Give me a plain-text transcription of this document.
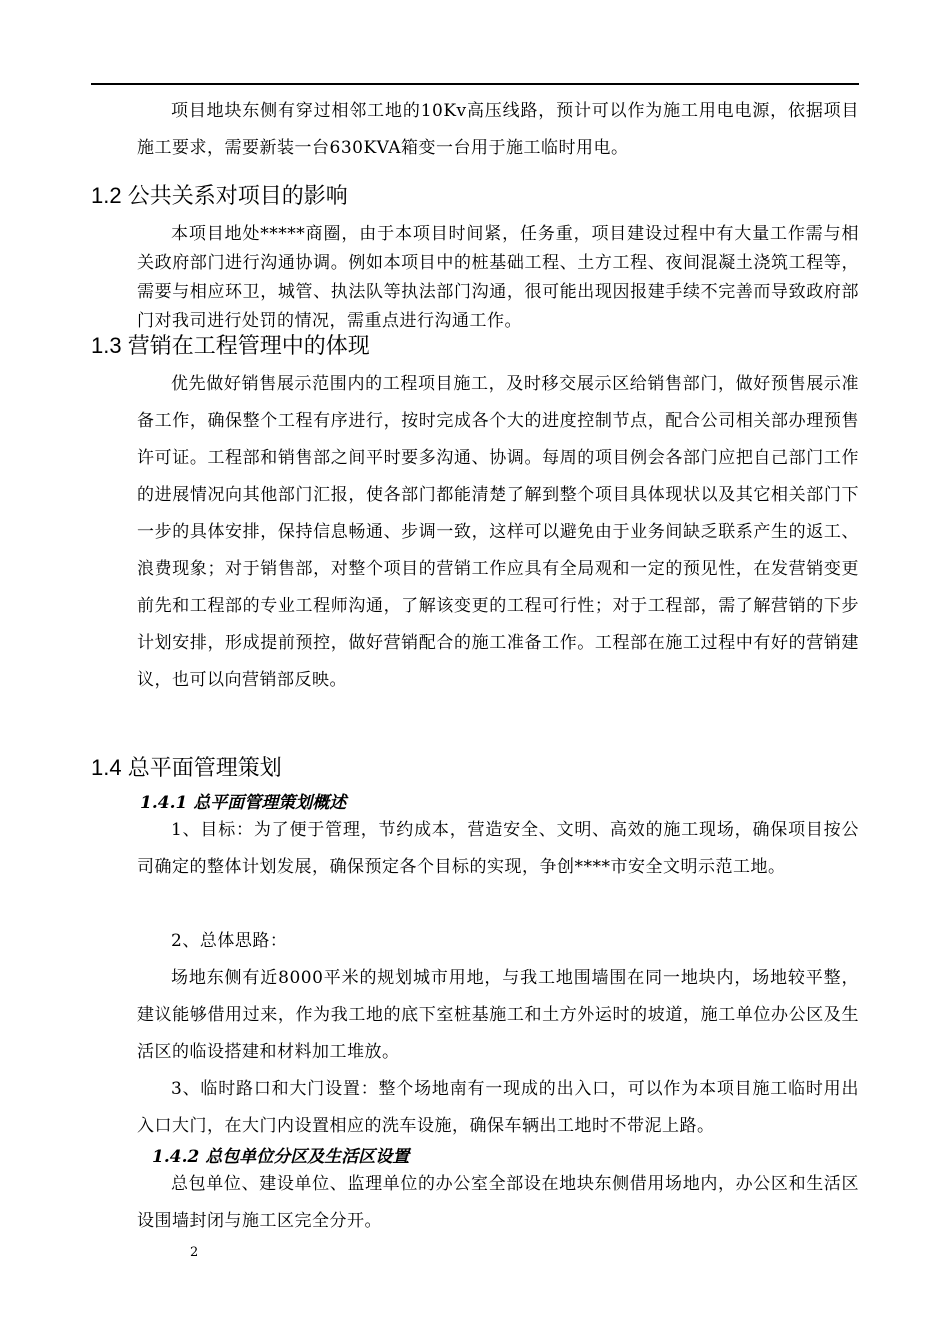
项目地块东侧有穿过相邻工地的10Kv高压线路，预计可以作为施工用电电源，依据项目施工要求，需要新装一台630KVA箱变一台用于施工临时用电。

1.2 公共关系对项目的影响

本项目地处*****商圈，由于本项目时间紧，任务重，项目建设过程中有大量工作需与相关政府部门进行沟通协调。例如本项目中的桩基础工程、土方工程、夜间混凝土浇筑工程等，需要与相应环卫，城管、执法队等执法部门沟通，很可能出现因报建手续不完善而导致政府部门对我司进行处罚的情况，需重点进行沟通工作。

1.3 营销在工程管理中的体现

优先做好销售展示范围内的工程项目施工，及时移交展示区给销售部门，做好预售展示准备工作，确保整个工程有序进行，按时完成各个大的进度控制节点，配合公司相关部办理预售许可证。工程部和销售部之间平时要多沟通、协调。每周的项目例会各部门应把自己部门工作的进展情况向其他部门汇报，使各部门都能清楚了解到整个项目具体现状以及其它相关部门下一步的具体安排，保持信息畅通、步调一致，这样可以避免由于业务间缺乏联系产生的返工、浪费现象；对于销售部，对整个项目的营销工作应具有全局观和一定的预见性，在发营销变更前先和工程部的专业工程师沟通，了解该变更的工程可行性；对于工程部，需了解营销的下步计划安排，形成提前预控，做好营销配合的施工准备工作。工程部在施工过程中有好的营销建议，也可以向营销部反映。

1.4 总平面管理策划
1.4.1 总平面管理策划概述

1、目标：为了便于管理，节约成本，营造安全、文明、高效的施工现场，确保项目按公司确定的整体计划发展，确保预定各个目标的实现，争创****市安全文明示范工地。

2、总体思路：

场地东侧有近8000平米的规划城市用地，与我工地围墙围在同一地块内，场地较平整， 建议能够借用过来，作为我工地的底下室桩基施工和土方外运时的坡道，施工单位办公区及生活区的临设搭建和材料加工堆放。

3、临时路口和大门设置：整个场地南有一现成的出入口，可以作为本项目施工临时用出入口大门，在大门内设置相应的洗车设施，确保车辆出工地时不带泥上路。

1.4.2 总包单位分区及生活区设置

总包单位、建设单位、监理单位的办公室全部设在地块东侧借用场地内，办公区和生活区设围墙封闭与施工区完全分开。

2
